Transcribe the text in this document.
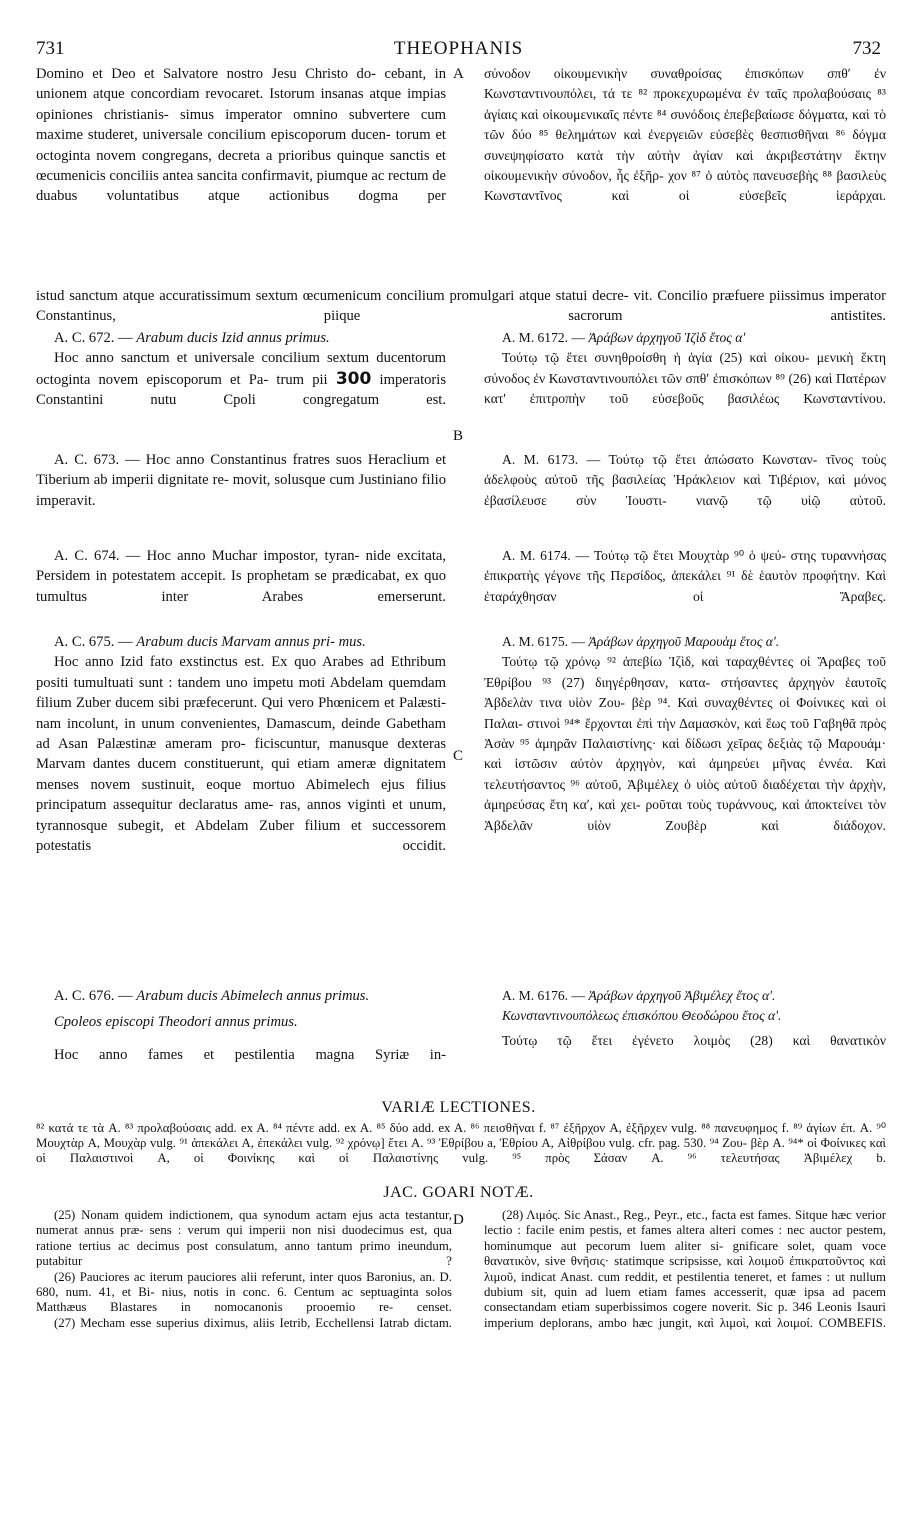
731	THEOPHANIS	732
A
B
C
D
Domino et Deo et Salvatore nostro Jesu Christo do- cebant, in unionem atque concordiam revocaret. Istorum insanas atque impias opiniones christianis- simus imperator omnino subvertere cum maxime studeret, universale concilium episcoporum ducen- torum et octoginta novem congregans, decreta a prioribus quinque sanctis et œcumenicis conciliis antea sancita confirmavit, piumque ac rectum de duabus voluntatibus atque actionibus dogma per
σύνοδον οἰκουμενικὴν συναθροίσας ἐπισκόπων σπθʹ ἐν Κωνσταντινουπόλει, τά τε ⁸² προκεχυρωμένα ἐν ταῖς προλαβούσαις ⁸³ ἁγίαις καὶ οἰκουμενικαῖς πέντε ⁸⁴ συνόδοις ἐπεβεβαίωσε δόγματα, καὶ τὸ τῶν δύο ⁸⁵ θελημάτων καὶ ἐνεργειῶν εὐσεβὲς θεσπισθῆναι ⁸⁶ δόγμα συνεψηφίσατο κατὰ τὴν αὐτὴν ἁγίαν καὶ ἀκριβεστάτην ἕκτην οἰκουμενικὴν σύνοδον, ἧς ἐξῆρ- χον ⁸⁷ ὁ αὐτὸς πανευσεβὴς ⁸⁸ βασιλεὺς Κωνσταντῖνος καὶ οἱ εὐσεβεῖς ἱεράρχαι.
istud sanctum atque accuratissimum sextum œcumenicum concilium promulgari atque statui decre- vit. Concilio præfuere piissimus imperator Constantinus, piique sacrorum antistites.

A. C. 672. — Arabum ducis Izid annus primus.

Hoc anno sanctum et universale concilium sextum ducentorum octoginta novem episcoporum et Pa- trum pii 300 imperatoris Constantini nutu Cpoli congregatum est.

A. M. 6172. — Ἀράβων ἀρχηγοῦ Ἰζὶδ ἔτος αʹ

Τούτῳ τῷ ἔτει συνηθροίσθη ἡ ἁγία (25) καὶ οἰκου- μενικὴ ἕκτη σύνοδος ἐν Κωνσταντινουπόλει τῶν σπθʹ ἐπισκόπων ⁸⁹ (26) καὶ Πατέρων κατ' ἐπιτροπὴν τοῦ εὐσεβοῦς βασιλέως Κωνσταντίνου.

A. C. 673. — Hoc anno Constantinus fratres suos Heraclium et Tiberium ab imperii dignitate re- movit, solusque cum Justiniano filio imperavit.

A. M. 6173. — Τούτῳ τῷ ἔτει ἀπώσατο Κωνσταν- τῖνος τοὺς ἀδελφοὺς αὐτοῦ τῆς βασιλείας Ἡράκλειον καὶ Τιβέριον, καὶ μόνος ἐβασίλευσε σὺν Ἰουστι- νιανῷ τῷ υἱῷ αὐτοῦ.

A. C. 674. — Hoc anno Muchar impostor, tyran- nide excitata, Persidem in potestatem accepit. Is prophetam se prædicabat, ex quo tumultus inter Arabes emerserunt.

A. M. 6174. — Τούτῳ τῷ ἔτει Μουχτὰρ ⁹⁰ ὁ ψεύ- στης τυραννήσας ἐπικρατὴς γέγονε τῆς Περσίδος, ἀπεκάλει ⁹¹ δὲ ἑαυτὸν προφήτην. Καὶ ἐταράχθησαν οἱ Ἄραβες.

A. C. 675. — Arabum ducis Marvam annus pri- mus.

Hoc anno Izid fato exstinctus est. Ex quo Arabes ad Ethribum positi tumultuati sunt : tandem uno impetu moti Abdelam quemdam filium Zuber ducem sibi præfecerunt. Qui vero Phœnicem et Palæsti- nam incolunt, in unum convenientes, Damascum, deinde Gabetham ad Asan Palæstinæ ameram pro- ficiscuntur, manusque dexteras Marvam dantes ducem constituerunt, qui etiam ameræ dignitatem menses novem sustinuit, eoque mortuo Abimelech ejus filius principatum assequitur declaratus ame- ras, annos viginti et unum, tyrannosque subegit, et Abdelam Zuber filium et successorem potestatis occidit.

A. M. 6175. — Ἀράβων ἀρχηγοῦ Μαρουὰμ ἔτος αʹ.

Τούτῳ τῷ χρόνῳ ⁹² ἀπεβίω Ἰζὶδ, καὶ ταραχθέντες οἱ Ἄραβες τοῦ Ἐθρίβου ⁹³ (27) διηγέρθησαν, κατα- στήσαντες ἀρχηγὸν ἑαυτοῖς Ἀβδελὰν τινα υἱὸν Ζου- βὲρ ⁹⁴. Καὶ συναχθέντες οἱ Φοίνικες καὶ οἱ Παλαι- στινοὶ ⁹⁴* ἔρχονται ἐπὶ τὴν Δαμασκὸν, καὶ ἕως τοῦ Γαβηθᾶ πρὸς Ἀσὰν ⁹⁵ ἀμηρᾶν Παλαιστίνης· καὶ δίδωσι χεῖρας δεξιὰς τῷ Μαρουάμ· καὶ ἱστῶσιν αὐτὸν ἀρχηγὸν, καὶ ἀμηρεύει μῆνας ἐννέα. Καὶ τελευτήσαντος ⁹⁶ αὐτοῦ, Ἀβιμέλεχ ὁ υἱὸς αὐτοῦ διαδέχεται τὴν ἀρχὴν, ἀμηρεύσας ἔτη καʹ, καὶ χει- ροῦται τοὺς τυράννους, καὶ ἀποκτείνει τὸν Ἀβδελᾶν υἱὸν Ζουβὲρ καὶ διάδοχον.

A. C. 676. — Arabum ducis Abimelech annus primus.

Cpoleos episcopi Theodori annus primus.

Hoc anno fames et pestilentia magna Syriæ in-

A. M. 6176. — Ἀράβων ἀρχηγοῦ Ἀβιμέλεχ ἔτος αʹ.

Κωνσταντινουπόλεως ἐπισκόπου Θεοδώρου ἔτος αʹ.

Τούτῳ τῷ ἔτει ἐγένετο λοιμὸς (28) καὶ θανατικὸν

VARIÆ LECTIONES.

⁸² κατά τε τὰ A. ⁸³ προλαβούσαις add. ex A. ⁸⁴ πέντε add. ex A. ⁸⁵ δύο add. ex A. ⁸⁶ πεισθῆναι f. ⁸⁷ ἐξῆρχον A, ἐξῆρχεν vulg. ⁸⁸ πανευφημος f. ⁸⁹ ἁγίων ἐπ. A. ⁹⁰ Μουχτὰρ A, Μουχὰρ vulg. ⁹¹ ἀπεκάλει A, ἐπεκάλει vulg. ⁹² χρόνῳ] ἔτει A. ⁹³ Ἐθρίβου a, Ἐθρίου A, Αἰθρίβου vulg. cfr. pag. 530. ⁹⁴ Ζου- βὲρ A. ⁹⁴* οἱ Φοίνικες καὶ οἱ Παλαιστινοὶ A, οἱ Φοινίκης καὶ οἱ Παλαιστίνης vulg. ⁹⁵ πρὸς Σάσαν A. ⁹⁶ τελευτήσας Ἀβιμέλεχ b.

JAC. GOARI NOTÆ.

(25) Nonam quidem indictionem, qua synodum actam ejus acta testantur, numerat annus præ- sens : verum qui imperii non nisi duodecimus est, qua ratione tertius ac decimus post consulatum, anno tantum primo ineundum, putabitur ?

(26) Pauciores ac iterum pauciores alii referunt, inter quos Baronius, an. D. 680, num. 41, et Bi- nius, notis in conc. 6. Centum ac septuaginta solos Matthæus Blastares in nomocanonis prooemio re- censet.

(27) Mecham esse superius diximus, aliis Ietrib, Ecchellensi Iatrab dictam.

(28) Λιμός. Sic Anast., Reg., Peyr., etc., facta est fames. Sitque hæc verior lectio : facile enim pestis, et fames altera alteri comes : nec auctor pestem, hominumque aut pecorum luem aliter si- gnificare solet, quam voce θανατικὸν, sive θνῆσις· statimque scripsisse, καὶ λοιμοῦ ἐπικρατοῦντος καὶ λιμοῦ, indicat Anast. cum reddit, et pestilentia teneret, et fames : ut nullum dubium sit, quin ad luem etiam fames accesserit, quæ ipsa ad pacem consectandam etiam superbissimos cogere noverit. Sic p. 346 Leonis Isauri imperium deplorans, ambo hæc jungit, καὶ λιμοὶ, καὶ λοιμοί. COMBEFIS.
